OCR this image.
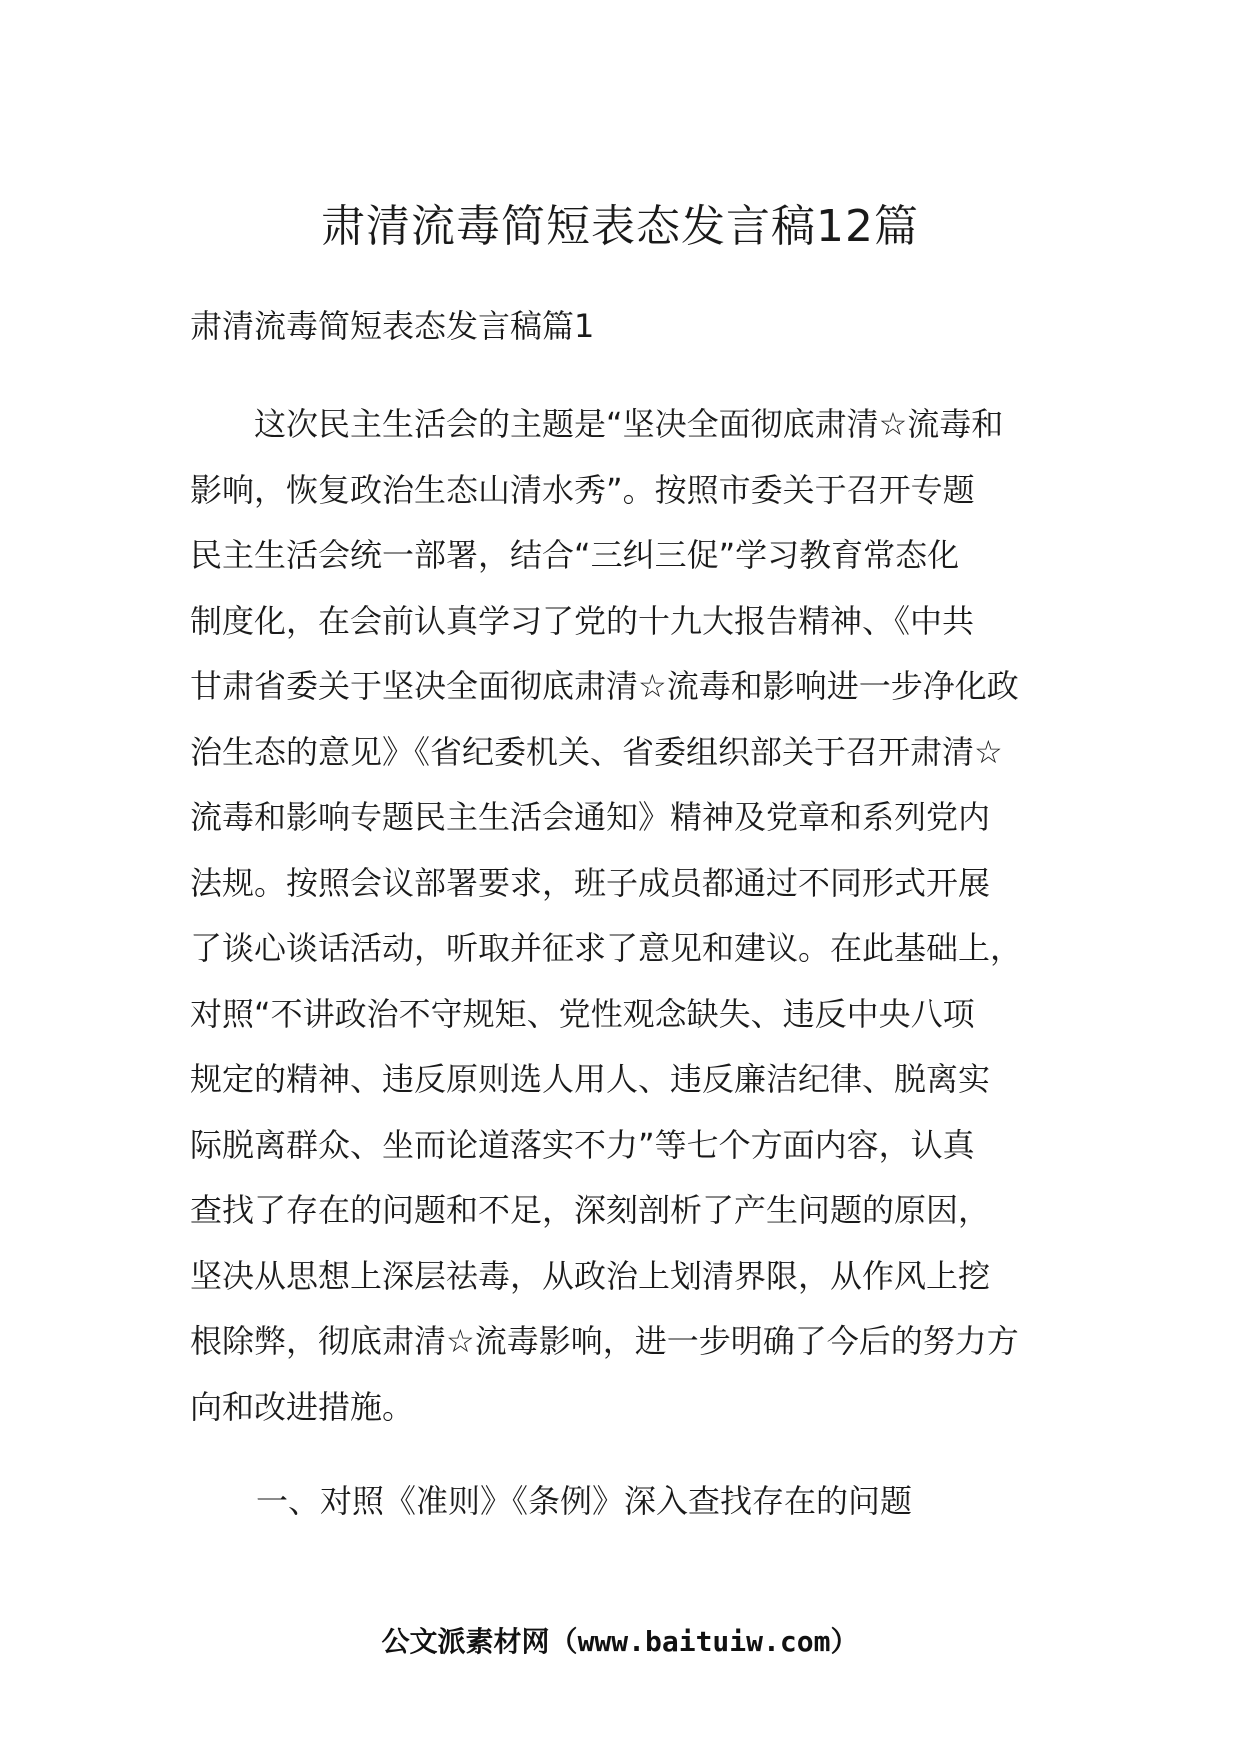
肃清流毒简短表态发言稿12篇
肃清流毒简短表态发言稿篇1

　　这次民主生活会的主题是“坚决全面彻底肃清☆流毒和
影响，恢复政治生态山清水秀”。按照市委关于召开专题
民主生活会统一部署，结合“三纠三促”学习教育常态化
制度化，在会前认真学习了党的十九大报告精神、《中共
甘肃省委关于坚决全面彻底肃清☆流毒和影响进一步净化政
治生态的意见》《省纪委机关、省委组织部关于召开肃清☆
流毒和影响专题民主生活会通知》精神及党章和系列党内
法规。按照会议部署要求，班子成员都通过不同形式开展
了谈心谈话活动，听取并征求了意见和建议。在此基础上，
对照“不讲政治不守规矩、党性观念缺失、违反中央八项
规定的精神、违反原则选人用人、违反廉洁纪律、脱离实
际脱离群众、坐而论道落实不力”等七个方面内容，认真
查找了存在的问题和不足，深刻剖析了产生问题的原因，
坚决从思想上深层祛毒，从政治上划清界限，从作风上挖
根除弊，彻底肃清☆流毒影响，进一步明确了今后的努力方
向和改进措施。

一、对照《准则》《条例》深入查找存在的问题
公文派素材网（www.baituiw.com）
